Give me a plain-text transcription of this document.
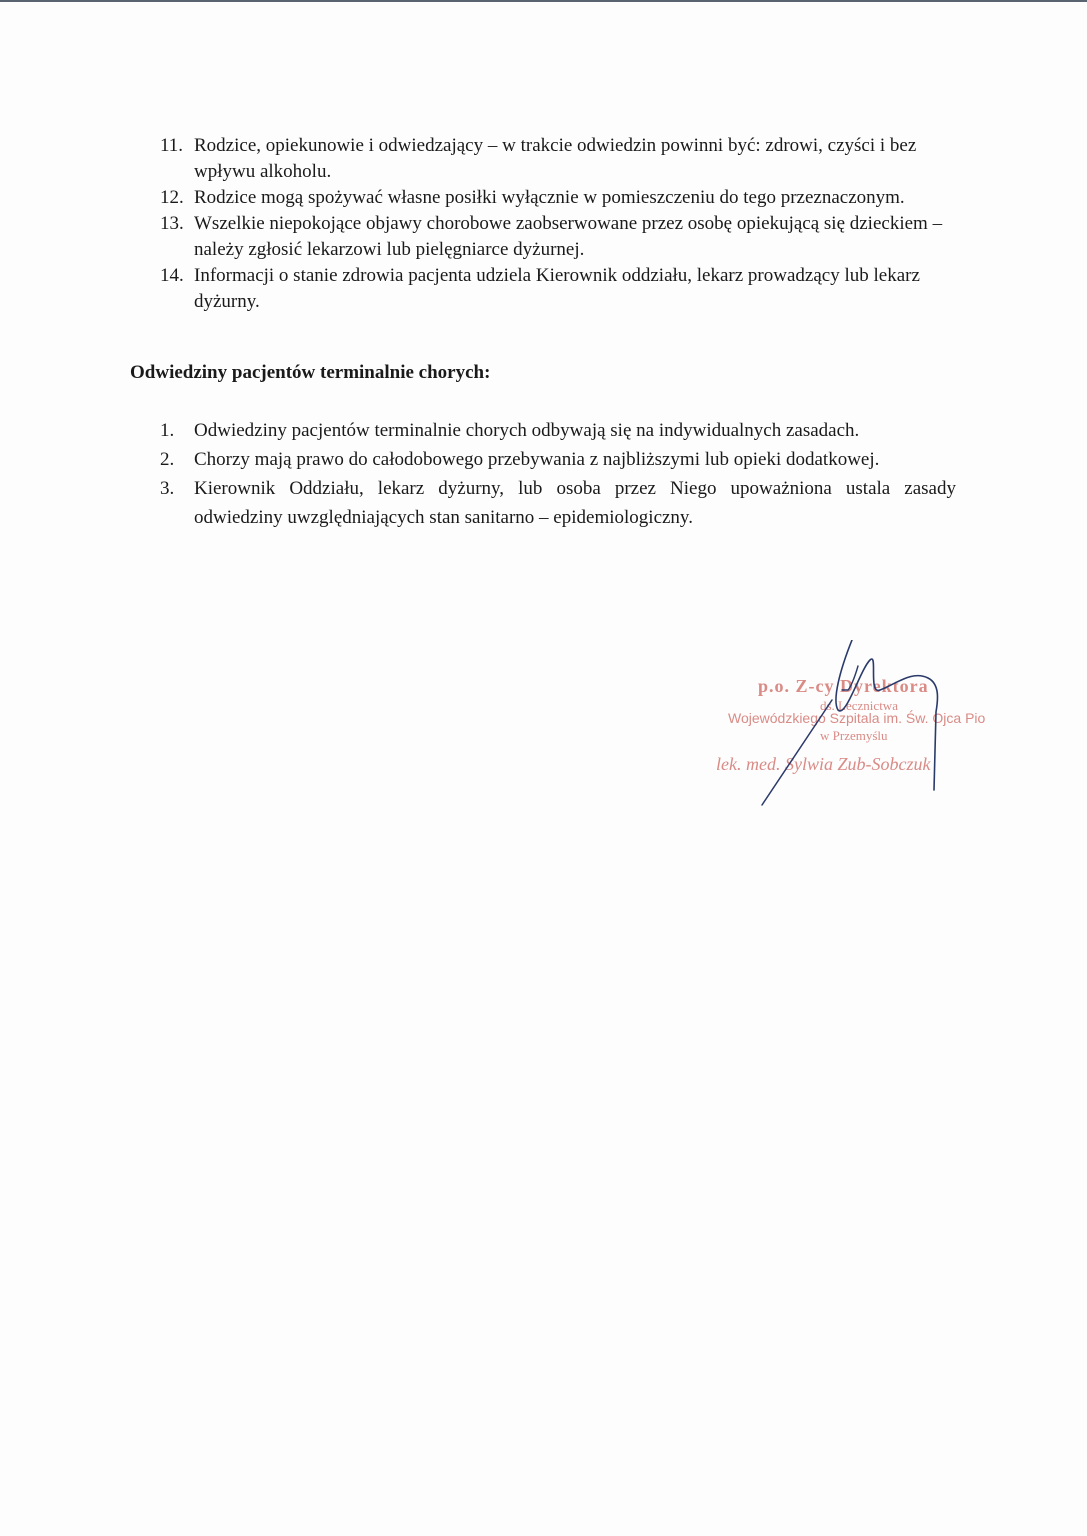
11. Rodzice, opiekunowie i odwiedzający – w trakcie odwiedzin powinni być: zdrowi, czyści i bez wpływu alkoholu.
12. Rodzice mogą spożywać własne posiłki wyłącznie w pomieszczeniu do tego przeznaczonym.
13. Wszelkie niepokojące objawy chorobowe zaobserwowane przez osobę opiekującą się dzieckiem – należy zgłosić lekarzowi lub pielęgniarce dyżurnej.
14. Informacji o stanie zdrowia pacjenta udziela Kierownik oddziału, lekarz prowadzący lub lekarz dyżurny.
Odwiedziny pacjentów terminalnie chorych:
1. Odwiedziny pacjentów terminalnie chorych odbywają się na indywidualnych zasadach.
2. Chorzy mają prawo do całodobowego przebywania z najbliższymi lub opieki dodatkowej.
3. Kierownik Oddziału, lekarz dyżurny, lub osoba przez Niego upoważniona ustala zasady odwiedziny uwzględniających stan sanitarno – epidemiologiczny.
p.o. Z-cy Dyrektora
ds. Lecznictwa
Wojewódzkiego Szpitala im. Św. Ojca Pio
w Przemyślu
lek. med. Sylwia Zub-Sobczuk
